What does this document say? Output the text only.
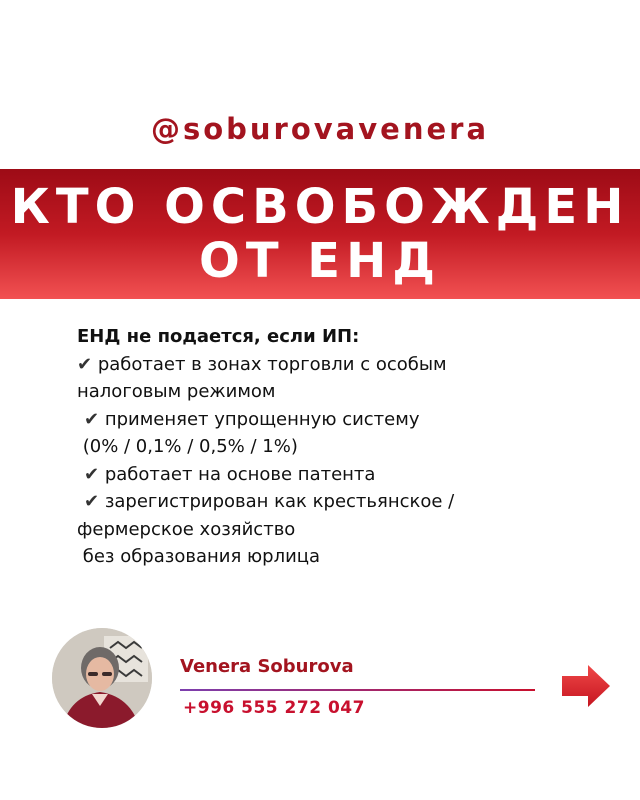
@soburovavenera
КТО ОСВОБОЖДЕН
ОТ ЕНД
ЕНД не подается, если ИП:
✔ работает в зонах торговли с особым
налоговым режимом
✔ применяет упрощенную систему
(0% / 0,1% / 0,5% / 1%)
✔ работает на основе патента
✔ зарегистрирован как крестьянское /
фермерское хозяйство
без образования юрлица
Venera Soburova
+996 555 272 047
